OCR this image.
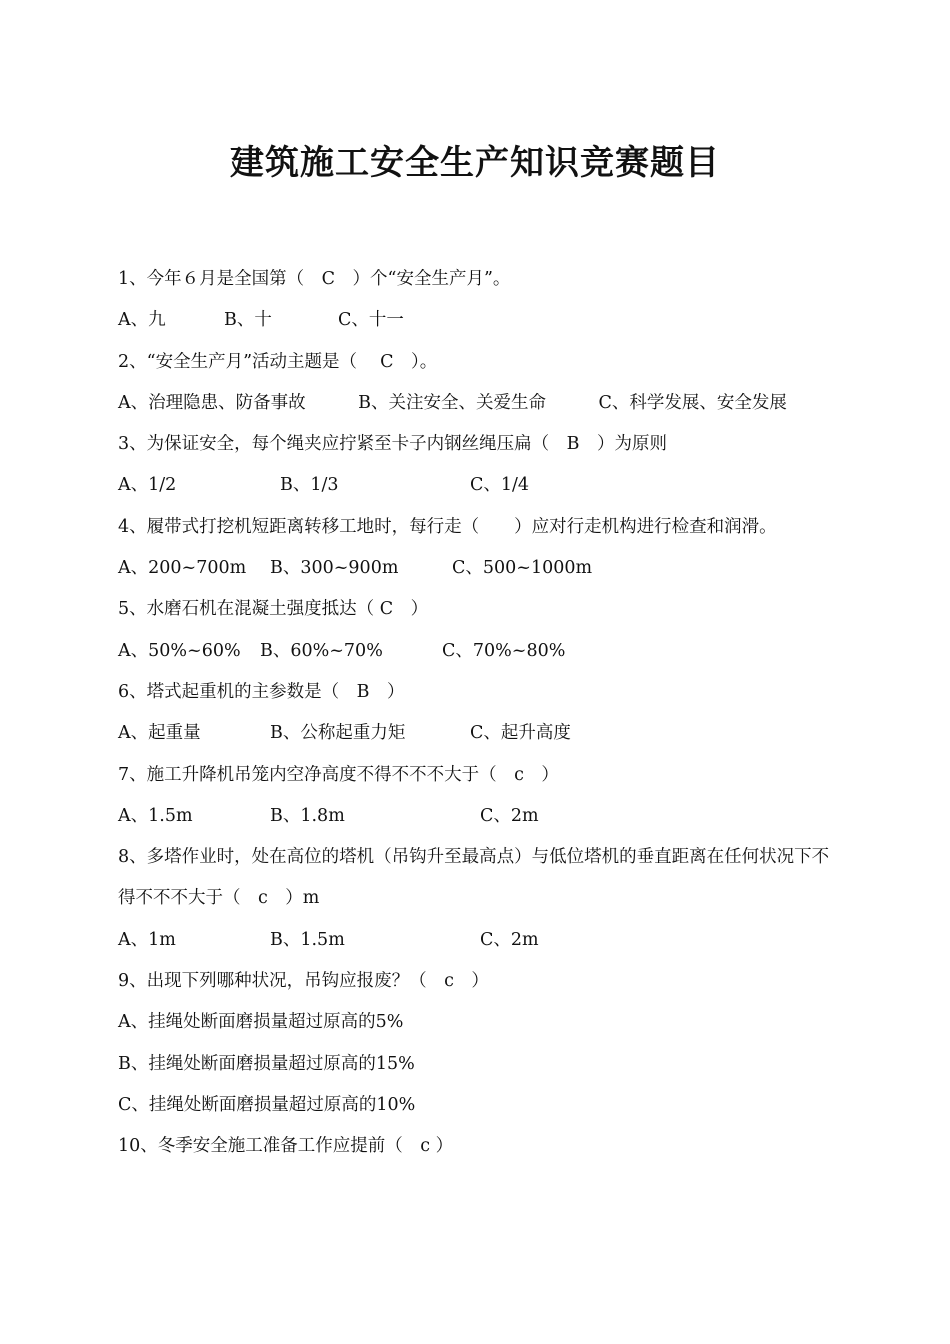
建筑施工安全生产知识竞赛题目
1、今年６月是全国第（　C　）个“安全生产月”。
A、九	B、十	C、十一
2、“安全生产月”活动主题是（　 C　）。
A、治理隐患、防备事故　　　B、关注安全、关爱生命　　　C、科学发展、安全发展
3、为保证安全，每个绳夹应拧紧至卡子内钢丝绳压扁（　B　）为原则
A、1/2	B、1/3	C、1/4
4、履带式打挖机短距离转移工地时，每行走（　　）应对行走机构进行检查和润滑。
A、200~700m B、300~900m	C、500~1000m
5、水磨石机在混凝土强度抵达（ C　）
A、50%~60% B、60%~70%	C、70%~80%
6、塔式起重机的主参数是（　B　）
A、起重量	B、公称起重力矩	C、起升高度
7、施工升降机吊笼内空净高度不得不不不大于（　c　）
A、1.5m	B、1.8m	C、2m
8、多塔作业时，处在高位的塔机（吊钩升至最高点）与低位塔机的垂直距离在任何状况下不得不不不大于（　c　）m
A、1m	B、1.5m	C、2m
9、出现下列哪种状况，吊钩应报废？（　c　）
A、挂绳处断面磨损量超过原高的5%
B、挂绳处断面磨损量超过原高的15%
C、挂绳处断面磨损量超过原高的10%
10、冬季安全施工准备工作应提前（　c ）
